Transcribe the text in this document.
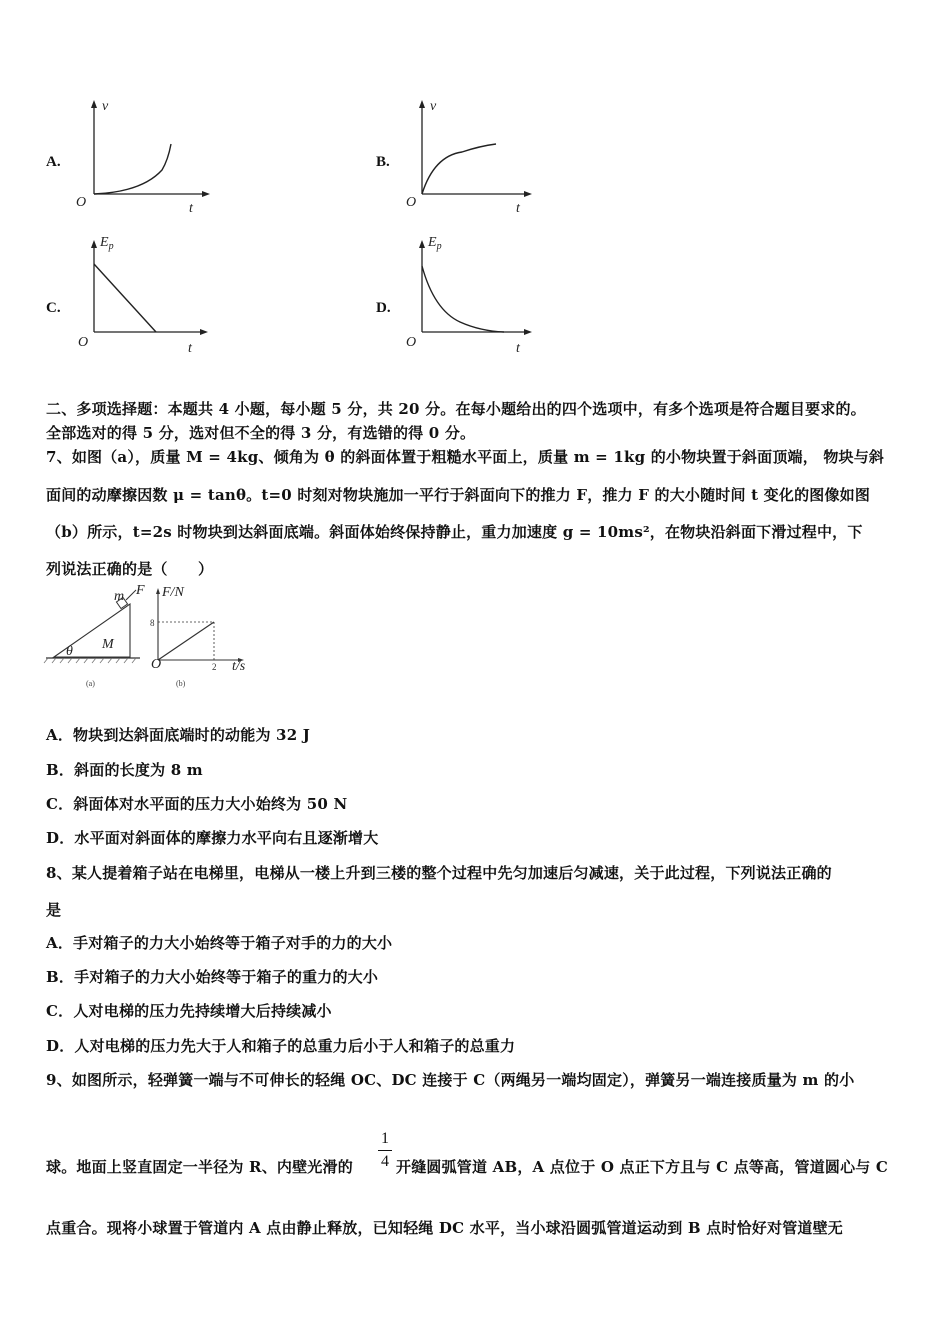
A.
v
O	t
B.
v
O	t
C.
$E_p$
O	t
D.
$E_p$
O	t
二、多项选择题：本题共 4 小题，每小题 5 分，共 20 分。在每小题给出的四个选项中，有多个选项是符合题目要求的。
全部选对的得 5 分，选对但不全的得 3 分，有选错的得 0 分。
7、如图（a），质量 M = 4kg、倾角为 θ 的斜面体置于粗糙水平面上，质量 m = 1kg 的小物块置于斜面顶端， 物块与斜
面间的动摩擦因数 μ = tanθ。t=0 时刻对物块施加一平行于斜面向下的推力 F，推力 F 的大小随时间 t 变化的图像如图
（b）所示，t=2s 时物块到达斜面底端。斜面体始终保持静止，重力加速度 g = 10ms²，在物块沿斜面下滑过程中，下
列说法正确的是（　　）
m F
M
θ
(a)
F/N
8
O	2 t/s
(b)
A．物块到达斜面底端时的动能为 32 J
B．斜面的长度为 8 m
C．斜面体对水平面的压力大小始终为 50 N
D．水平面对斜面体的摩擦力水平向右且逐渐增大
8、某人提着箱子站在电梯里，电梯从一楼上升到三楼的整个过程中先匀加速后匀减速，关于此过程，下列说法正确的
是
A．手对箱子的力大小始终等于箱子对手的力的大小
B．手对箱子的力大小始终等于箱子的重力的大小
C．人对电梯的压力先持续增大后持续减小
D．人对电梯的压力先大于人和箱子的总重力后小于人和箱子的总重力
9、如图所示，轻弹簧一端与不可伸长的轻绳 OC、DC 连接于 C（两绳另一端均固定），弹簧另一端连接质量为 m 的小
球。地面上竖直固定一半径为 R、内壁光滑的
1
4 开缝圆弧管道 AB，A 点位于 O 点正下方且与 C 点等高，管道圆心与 C
点重合。现将小球置于管道内 A 点由静止释放，已知轻绳 DC 水平，当小球沿圆弧管道运动到 B 点时恰好对管道壁无
